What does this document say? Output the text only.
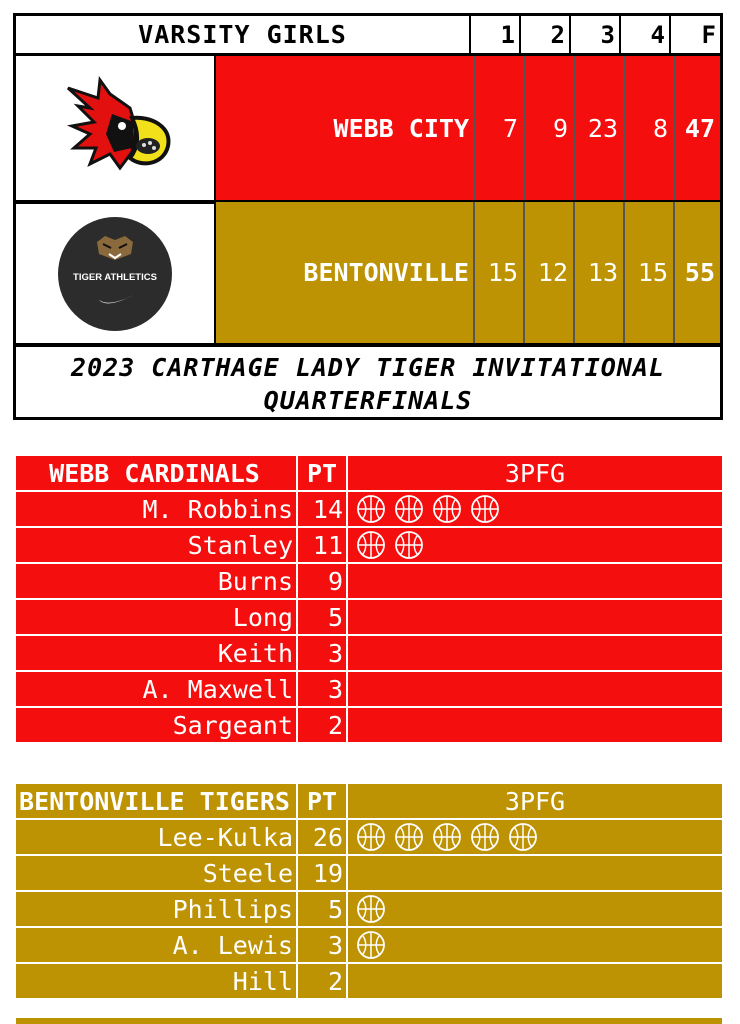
VARSITY GIRLS	1	2	3	4	F
WEBB CITY	7	9 23	8 47
TIGER ATHLETICS	BENTONVILLE 15 12 13 15 55
2023 CARTHAGE LADY TIGER INVITATIONAL
QUARTERFINALS
WEBB CARDINALS	PT	3PFG
M. Robbins 14
Stanley 11
Burns	9
Long	5
Keith	3
A. Maxwell	3
Sargeant	2
BENTONVILLE TIGERS PT	3PFG
Lee-Kulka 26
Steele 19
Phillips	5
A. Lewis	3
Hill	2
